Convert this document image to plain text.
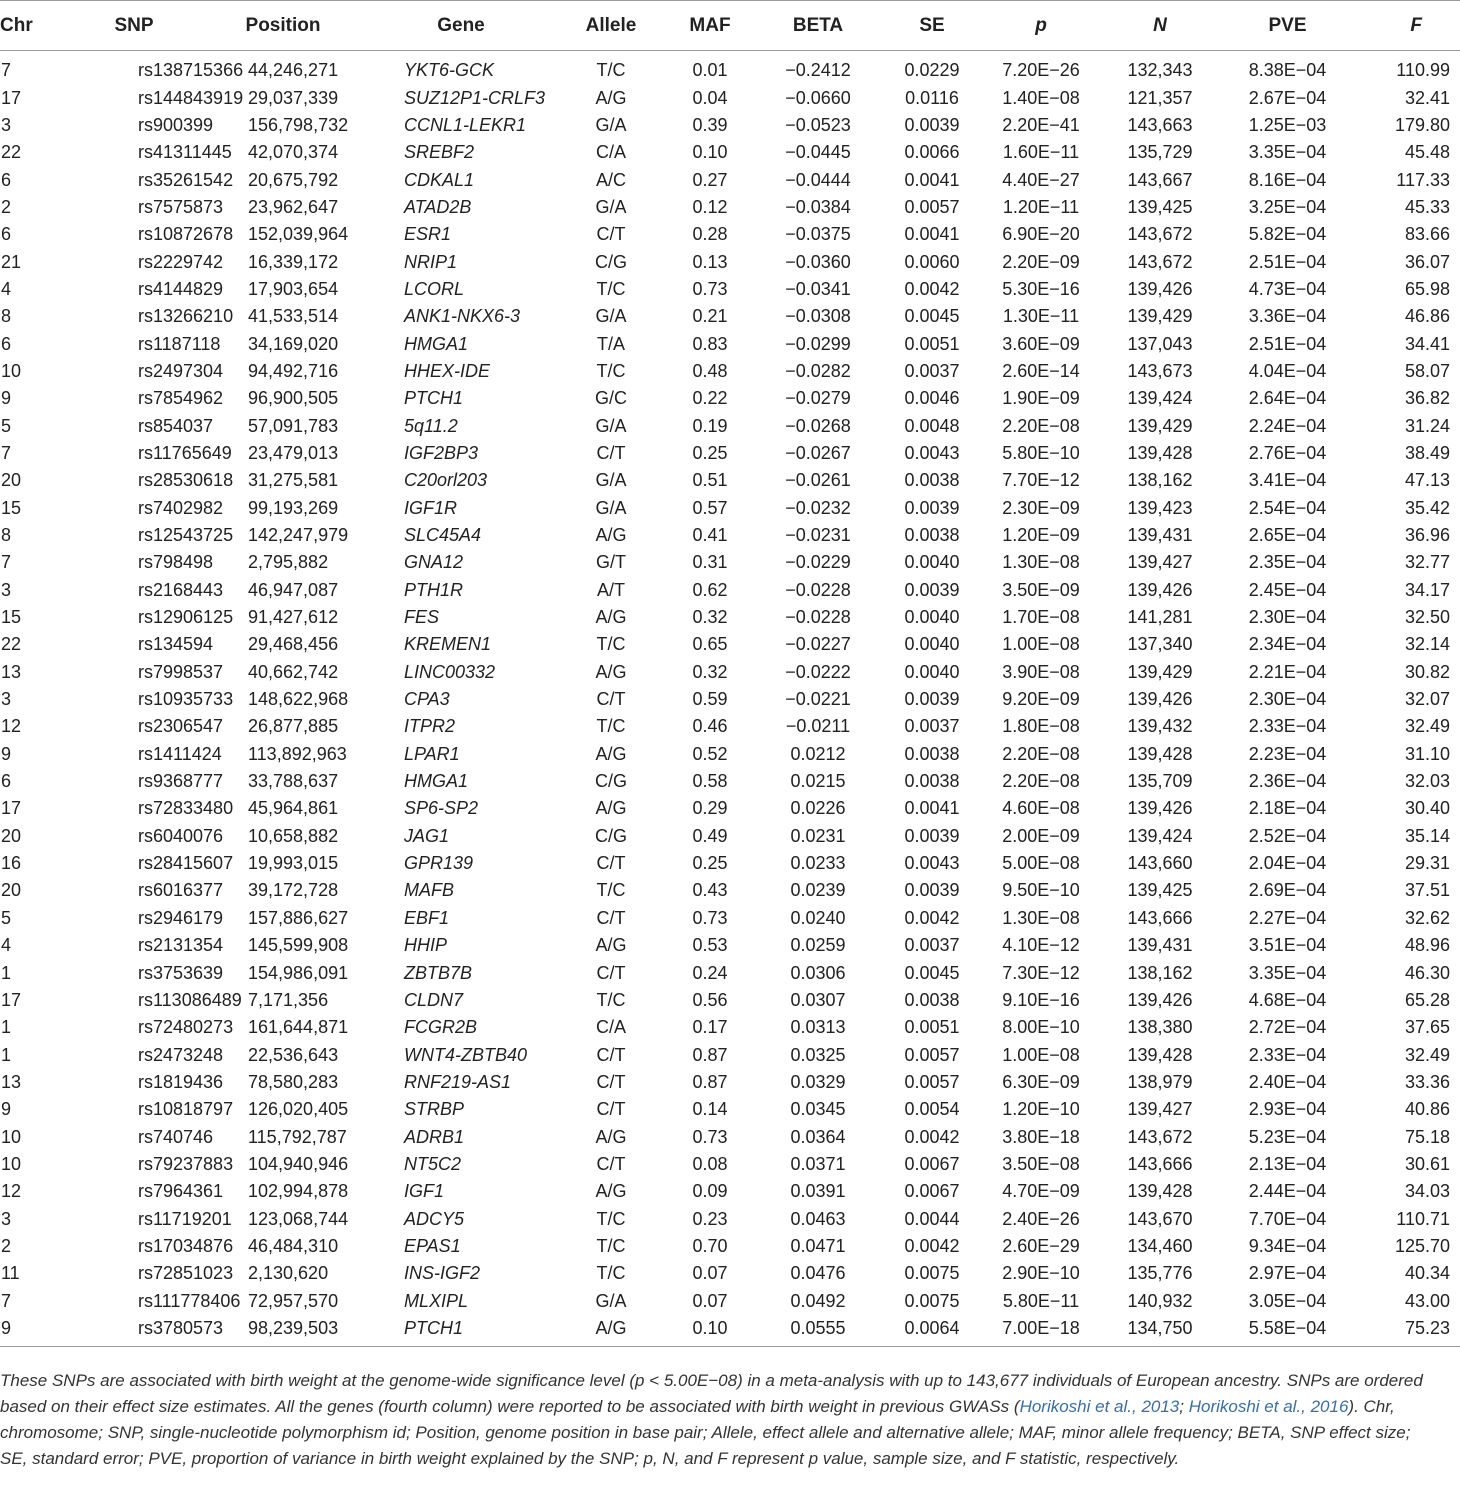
Chr	SNP	Position	Gene	Allele	MAF	BETA	SE	p	N	PVE	F
7	rs138715366	44,246,271	YKT6-GCK	T/C	0.01	−0.2412	0.0229	7.20E−26	132,343	8.38E−04	110.99
17	rs144843919	29,037,339	SUZ12P1-CRLF3	A/G	0.04	−0.0660	0.0116	1.40E−08	121,357	2.67E−04	32.41
3	rs900399	156,798,732	CCNL1-LEKR1	G/A	0.39	−0.0523	0.0039	2.20E−41	143,663	1.25E−03	179.80
22	rs41311445	42,070,374	SREBF2	C/A	0.10	−0.0445	0.0066	1.60E−11	135,729	3.35E−04	45.48
6	rs35261542	20,675,792	CDKAL1	A/C	0.27	−0.0444	0.0041	4.40E−27	143,667	8.16E−04	117.33
2	rs7575873	23,962,647	ATAD2B	G/A	0.12	−0.0384	0.0057	1.20E−11	139,425	3.25E−04	45.33
6	rs10872678	152,039,964	ESR1	C/T	0.28	−0.0375	0.0041	6.90E−20	143,672	5.82E−04	83.66
21	rs2229742	16,339,172	NRIP1	C/G	0.13	−0.0360	0.0060	2.20E−09	143,672	2.51E−04	36.07
4	rs4144829	17,903,654	LCORL	T/C	0.73	−0.0341	0.0042	5.30E−16	139,426	4.73E−04	65.98
8	rs13266210	41,533,514	ANK1-NKX6-3	G/A	0.21	−0.0308	0.0045	1.30E−11	139,429	3.36E−04	46.86
6	rs1187118	34,169,020	HMGA1	T/A	0.83	−0.0299	0.0051	3.60E−09	137,043	2.51E−04	34.41
10	rs2497304	94,492,716	HHEX-IDE	T/C	0.48	−0.0282	0.0037	2.60E−14	143,673	4.04E−04	58.07
9	rs7854962	96,900,505	PTCH1	G/C	0.22	−0.0279	0.0046	1.90E−09	139,424	2.64E−04	36.82
5	rs854037	57,091,783	5q11.2	G/A	0.19	−0.0268	0.0048	2.20E−08	139,429	2.24E−04	31.24
7	rs11765649	23,479,013	IGF2BP3	C/T	0.25	−0.0267	0.0043	5.80E−10	139,428	2.76E−04	38.49
20	rs28530618	31,275,581	C20orl203	G/A	0.51	−0.0261	0.0038	7.70E−12	138,162	3.41E−04	47.13
15	rs7402982	99,193,269	IGF1R	G/A	0.57	−0.0232	0.0039	2.30E−09	139,423	2.54E−04	35.42
8	rs12543725	142,247,979	SLC45A4	A/G	0.41	−0.0231	0.0038	1.20E−09	139,431	2.65E−04	36.96
7	rs798498	2,795,882	GNA12	G/T	0.31	−0.0229	0.0040	1.30E−08	139,427	2.35E−04	32.77
3	rs2168443	46,947,087	PTH1R	A/T	0.62	−0.0228	0.0039	3.50E−09	139,426	2.45E−04	34.17
15	rs12906125	91,427,612	FES	A/G	0.32	−0.0228	0.0040	1.70E−08	141,281	2.30E−04	32.50
22	rs134594	29,468,456	KREMEN1	T/C	0.65	−0.0227	0.0040	1.00E−08	137,340	2.34E−04	32.14
13	rs7998537	40,662,742	LINC00332	A/G	0.32	−0.0222	0.0040	3.90E−08	139,429	2.21E−04	30.82
3	rs10935733	148,622,968	CPA3	C/T	0.59	−0.0221	0.0039	9.20E−09	139,426	2.30E−04	32.07
12	rs2306547	26,877,885	ITPR2	T/C	0.46	−0.0211	0.0037	1.80E−08	139,432	2.33E−04	32.49
9	rs1411424	113,892,963	LPAR1	A/G	0.52	0.0212	0.0038	2.20E−08	139,428	2.23E−04	31.10
6	rs9368777	33,788,637	HMGA1	C/G	0.58	0.0215	0.0038	2.20E−08	135,709	2.36E−04	32.03
17	rs72833480	45,964,861	SP6-SP2	A/G	0.29	0.0226	0.0041	4.60E−08	139,426	2.18E−04	30.40
20	rs6040076	10,658,882	JAG1	C/G	0.49	0.0231	0.0039	2.00E−09	139,424	2.52E−04	35.14
16	rs28415607	19,993,015	GPR139	C/T	0.25	0.0233	0.0043	5.00E−08	143,660	2.04E−04	29.31
20	rs6016377	39,172,728	MAFB	T/C	0.43	0.0239	0.0039	9.50E−10	139,425	2.69E−04	37.51
5	rs2946179	157,886,627	EBF1	C/T	0.73	0.0240	0.0042	1.30E−08	143,666	2.27E−04	32.62
4	rs2131354	145,599,908	HHIP	A/G	0.53	0.0259	0.0037	4.10E−12	139,431	3.51E−04	48.96
1	rs3753639	154,986,091	ZBTB7B	C/T	0.24	0.0306	0.0045	7.30E−12	138,162	3.35E−04	46.30
17	rs113086489	7,171,356	CLDN7	T/C	0.56	0.0307	0.0038	9.10E−16	139,426	4.68E−04	65.28
1	rs72480273	161,644,871	FCGR2B	C/A	0.17	0.0313	0.0051	8.00E−10	138,380	2.72E−04	37.65
1	rs2473248	22,536,643	WNT4-ZBTB40	C/T	0.87	0.0325	0.0057	1.00E−08	139,428	2.33E−04	32.49
13	rs1819436	78,580,283	RNF219-AS1	C/T	0.87	0.0329	0.0057	6.30E−09	138,979	2.40E−04	33.36
9	rs10818797	126,020,405	STRBP	C/T	0.14	0.0345	0.0054	1.20E−10	139,427	2.93E−04	40.86
10	rs740746	115,792,787	ADRB1	A/G	0.73	0.0364	0.0042	3.80E−18	143,672	5.23E−04	75.18
10	rs79237883	104,940,946	NT5C2	C/T	0.08	0.0371	0.0067	3.50E−08	143,666	2.13E−04	30.61
12	rs7964361	102,994,878	IGF1	A/G	0.09	0.0391	0.0067	4.70E−09	139,428	2.44E−04	34.03
3	rs11719201	123,068,744	ADCY5	T/C	0.23	0.0463	0.0044	2.40E−26	143,670	7.70E−04	110.71
2	rs17034876	46,484,310	EPAS1	T/C	0.70	0.0471	0.0042	2.60E−29	134,460	9.34E−04	125.70
11	rs72851023	2,130,620	INS-IGF2	T/C	0.07	0.0476	0.0075	2.90E−10	135,776	2.97E−04	40.34
7	rs111778406	72,957,570	MLXIPL	G/A	0.07	0.0492	0.0075	5.80E−11	140,932	3.05E−04	43.00
9	rs3780573	98,239,503	PTCH1	A/G	0.10	0.0555	0.0064	7.00E−18	134,750	5.58E−04	75.23

These SNPs are associated with birth weight at the genome-wide significance level (p < 5.00E−08) in a meta-analysis with up to 143,677 individuals of European ancestry. SNPs are ordered based on their effect size estimates. All the genes (fourth column) were reported to be associated with birth weight in previous GWASs (Horikoshi et al., 2013; Horikoshi et al., 2016). Chr, chromosome; SNP, single-nucleotide polymorphism id; Position, genome position in base pair; Allele, effect allele and alternative allele; MAF, minor allele frequency; BETA, SNP effect size; SE, standard error; PVE, proportion of variance in birth weight explained by the SNP; p, N, and F represent p value, sample size, and F statistic, respectively.
